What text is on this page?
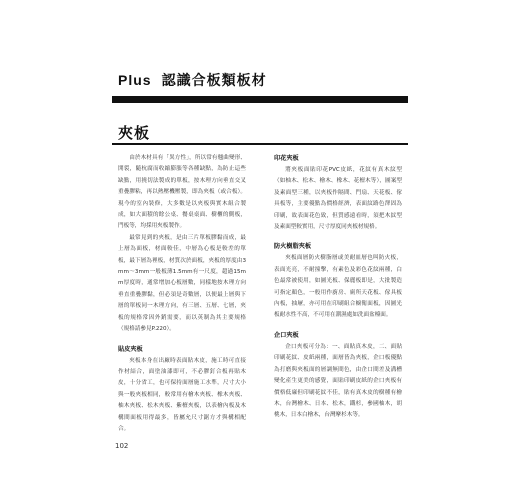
Plus 認識合板類板材
夾板

由於木材具有「異方性」，所以常有翹曲變形、開裂，隨杭腐而收縮膨脹等各種缺點，為防止這些缺點，用撓切法製成的單板，按木理方向垂直交叉重疊膠粘，再以熱壓機壓製，即為夾板（或合板）。現今的室內裝修，大多數是以夾板與實木組合製成，如大面積的餘公桌、餐桌桌面、樹櫃的側板，門板等，均採用夾板製作。

最常見到的夾板，是由三片單板膠黏而成，最上層為面板，材面較佳，中層為心板是較差的單板，最下層為裡板，材質次於面板，夾板的厚度由3mm～3mm一般板薄1.5mm有一尺度，超過15mm厚度時，通常增加心板層數，同樣地按木理方向垂直重疊膠黏，但必須是奇數層，以便最上層與下層的單板同一木理方向，有三層、五層、七層，夾板的規格常因外銷需要，而以英制為其主要規格（規格請參見P.220）。

貼皮夾板

夾板本身在出廠時表面貼木皮，施工時可直接作材結合，面塗油漆即可，不必膠釘合板再貼木皮，十分省工，也可保持面層施工水準，尺寸大小與一般夾板相同，較常用有檜木夾板、橡木夾板、柚木夾板、松木夾板、紫檀夾板，以表檜內板及木構間面板用得最多，皆屬允尺寸鋸方才與構相配合。

印花夾板

將夾板面貼印花PVC皮紙，花紋有真木紋型（如柚木、松木、檜木、橡木、花檀木等），圖案型及素面型三種，以夾板作隔間、門扇、天花板、傢具板等，主要優點為價格經濟，表面紋路色澤固為印刷，故表面花色致，但質感遠看時，須把木紋型及素面型較實用，尺寸厚度同夾板材規格。

防火樹脂夾板

夾板面層防火樹脂層或美耐皿層也叫防火板，表面光亮，不耐撞擊，有素色及彩色花紋兩種，白色最常被使用，如圖光板、保麗板即是，大批製造可指定顏色，一般用作廚房、廁所天花板、傢具板內板，抽屜，亦可用在印刷組合櫥衛面板，因圖光板耐水性不高，不可用在潮濕處如洗面盆檯面。

企口夾板

企口夾板可分為：一、面貼真木皮，二、面貼印刷花紋、皮紙兩種，面層皆為夾板，企口板優點為打磨與夾板面的層調無間色，由企口間差及溝槽變化產生更美的感覺，面貼印刷皮紙的企口夾板有價格低廉但印刷花紋不佳，貼有真木皮的樹種有檜木，台灣檜木、日本、松木，鐵杉，參國柚木，胡桃木，日本白檜木，台灣摩杉木等。

102
